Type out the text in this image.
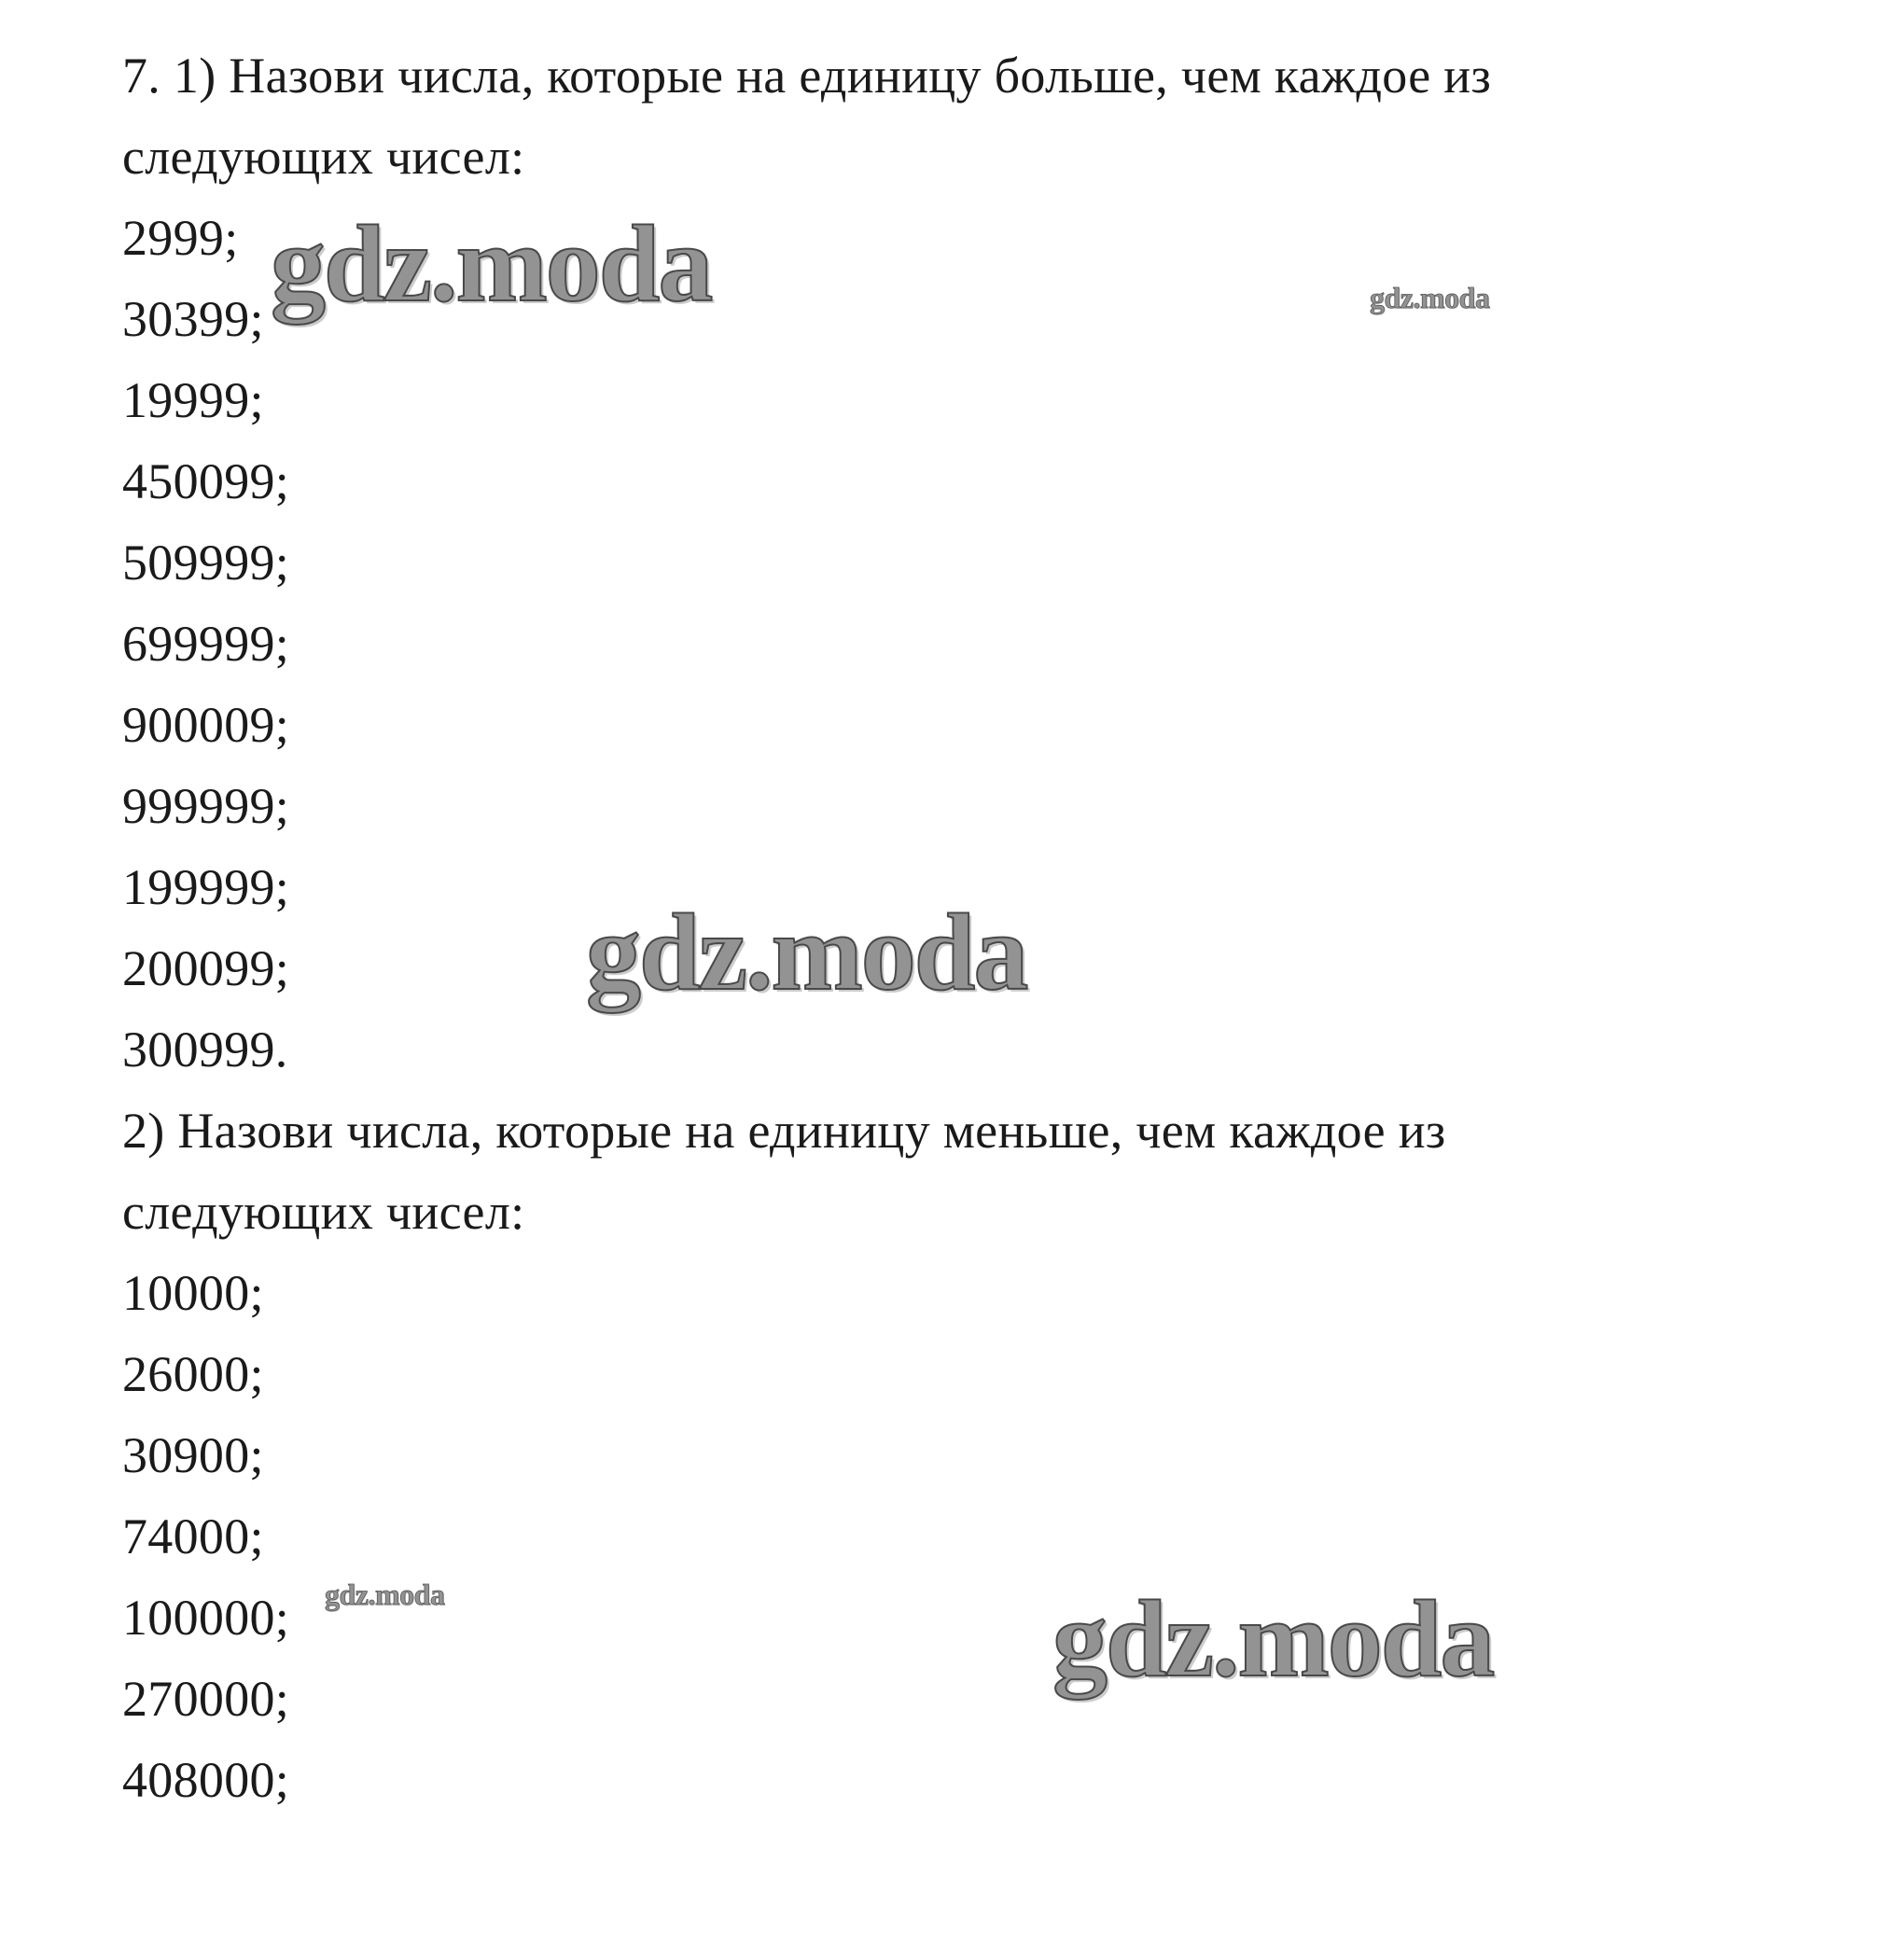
7. 1) Назови числа, которые на единицу больше, чем каждое из
следующих чисел:
2999;
30399;
19999;
450099;
509999;
699999;
900009;
999999;
199999;
200099;
300999.
2) Назови числа, которые на единицу меньше, чем каждое из
следующих чисел:
10000;
26000;
30900;
74000;
100000;
270000;
408000;
gdz.moda	gdz.moda
gdz.moda
gdz.moda	gdz.moda
